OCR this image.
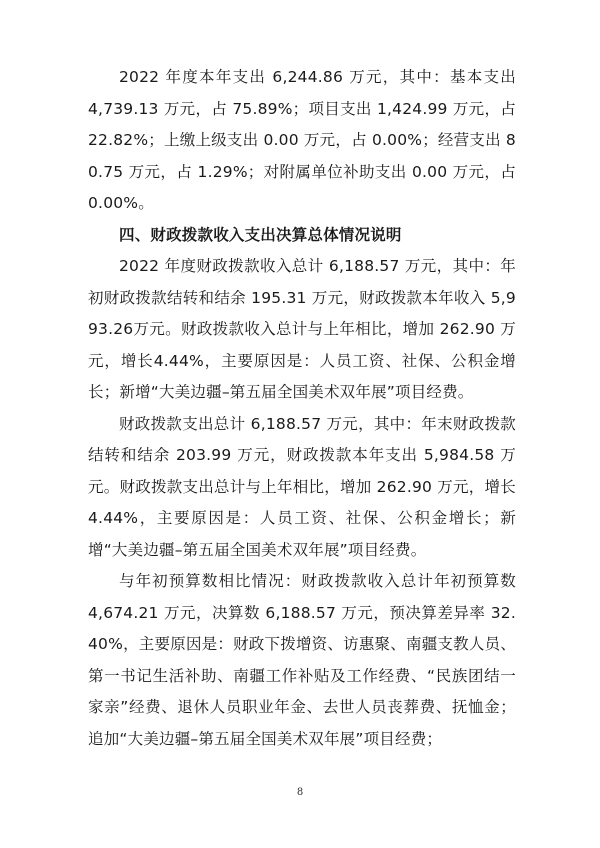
2022 年度本年支出 6,244.86 万元，其中：基本支出 4,739.13 万元，占 75.89%；项目支出 1,424.99 万元，占 22.82%；上缴上级支出 0.00 万元，占 0.00%；经营支出 80.75 万元，占 1.29%；对附属单位补助支出 0.00 万元，占 0.00%。

四、财政拨款收入支出决算总体情况说明

2022 年度财政拨款收入总计 6,188.57 万元，其中：年初财政拨款结转和结余 195.31 万元，财政拨款本年收入 5,993.26万元。财政拨款收入总计与上年相比，增加 262.90 万元，增长4.44%，主要原因是：人员工资、社保、公积金增长；新增“大美边疆–第五届全国美术双年展”项目经费。

财政拨款支出总计 6,188.57 万元，其中：年末财政拨款结转和结余 203.99 万元，财政拨款本年支出 5,984.58 万元。财政拨款支出总计与上年相比，增加 262.90 万元，增长 4.44%，主要原因是：人员工资、社保、公积金增长；新增“大美边疆–第五届全国美术双年展”项目经费。

与年初预算数相比情况：财政拨款收入总计年初预算数 4,674.21 万元，决算数 6,188.57 万元，预决算差异率 32.40%，主要原因是：财政下拨增资、访惠聚、南疆支教人员、第一书记生活补助、南疆工作补贴及工作经费、“民族团结一家亲”经费、退休人员职业年金、去世人员丧葬费、抚恤金；追加“大美边疆–第五届全国美术双年展”项目经费；

8
